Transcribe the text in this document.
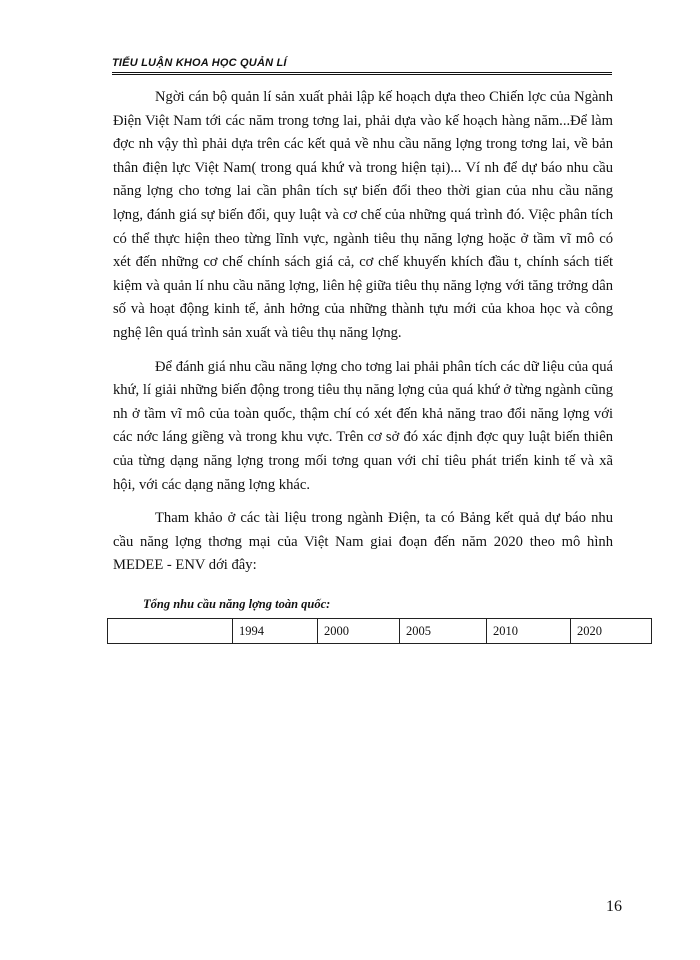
TIỂU LUẬN KHOA HỌC QUẢN LÍ

Ngời cán bộ quản lí sản xuất phải lập kế hoạch dựa theo Chiến lợc của Ngành Điện Việt Nam tới các năm trong tơng lai, phải dựa vào kế hoạch hàng năm...Để làm đợc nh vậy thì phải dựa trên các kết quả về nhu cầu năng lợng trong tơng lai, về bản thân điện lực Việt Nam( trong quá khứ và trong hiện tại)... Ví nh để dự báo nhu cầu năng lợng cho tơng lai cần phân tích sự biến đổi theo thời gian của nhu cầu năng lợng, đánh giá sự biến đổi, quy luật và cơ chế của những quá trình đó. Việc phân tích có thể thực hiện theo từng lĩnh vực, ngành tiêu thụ năng lợng hoặc ở tầm vĩ mô có xét đến những cơ chế chính sách giá cả, cơ chế khuyến khích đầu t, chính sách tiết kiệm và quản lí nhu cầu năng lợng, liên hệ giữa tiêu thụ năng lợng với tăng trởng dân số và hoạt động kinh tế, ảnh hởng của những thành tựu mới của khoa học và công nghệ lên quá trình sản xuất và tiêu thụ năng lợng.

Để đánh giá nhu cầu năng lợng cho tơng lai phải phân tích các dữ liệu của quá khứ, lí giải những biến động trong tiêu thụ năng lợng của quá khứ ở từng ngành cũng nh ở tầm vĩ mô của toàn quốc, thậm chí có xét đến khả năng trao đổi năng lợng với các nớc láng giềng và trong khu vực. Trên cơ sở đó xác định đợc quy luật biến thiên của từng dạng năng lợng trong mối tơng quan với chỉ tiêu phát triển kinh tế và xã hội, với các dạng năng lợng khác.

Tham khảo ở các tài liệu trong ngành Điện, ta có Bảng kết quả dự báo nhu cầu năng lợng thơng mại của Việt Nam giai đoạn đến năm 2020 theo mô hình MEDEE - ENV dới đây:

Tổng nhu cầu năng lợng toàn quốc:
	1994	2000	2005	2010	2020
16
